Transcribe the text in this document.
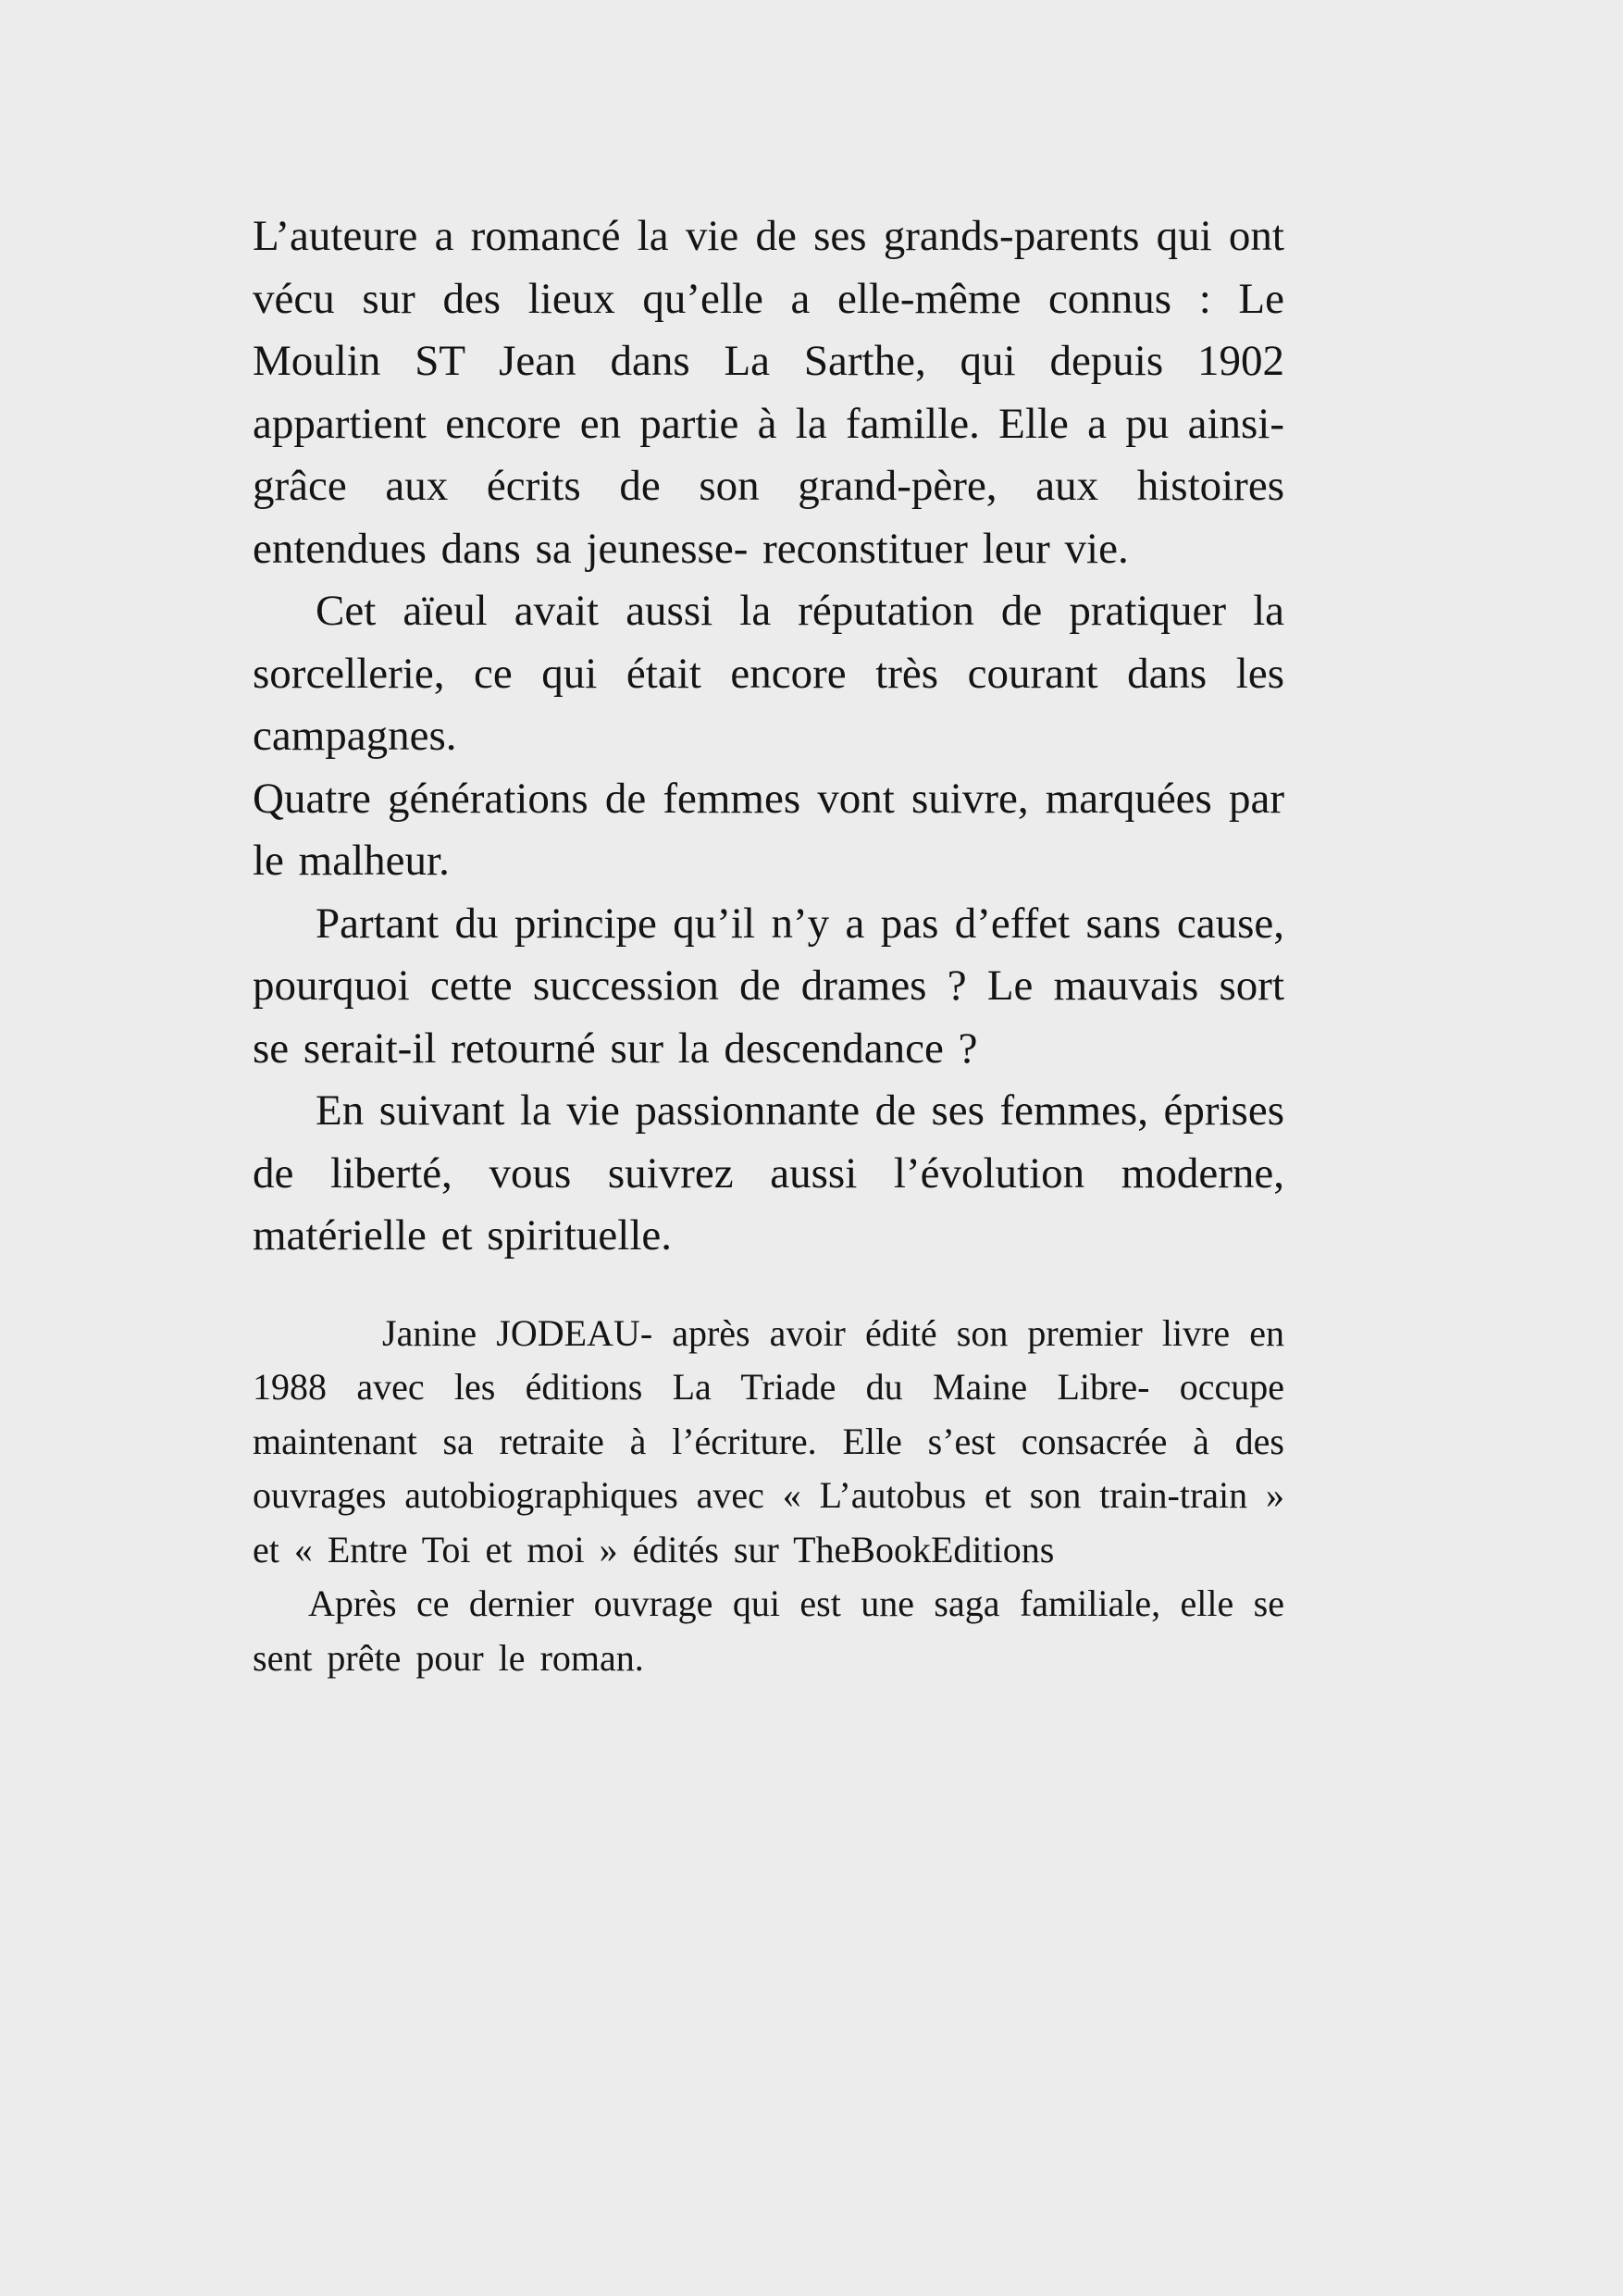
L’auteure a romancé la vie de ses grands-parents qui ont vécu sur des lieux qu’elle a elle-même connus : Le Moulin ST Jean dans La Sarthe, qui depuis 1902 appartient encore en partie à la famille. Elle a pu ainsi- grâce aux écrits de son grand-père, aux histoires entendues dans sa jeunesse- reconstituer leur vie.

Cet aïeul avait aussi la réputation de pratiquer la sorcellerie, ce qui était encore très courant dans les campagnes.

Quatre générations de femmes vont suivre, marquées par le malheur.

Partant du principe qu’il n’y a pas d’effet sans cause, pourquoi cette succession de drames ? Le mauvais sort se serait-il retourné sur la descendance ?

En suivant la vie passionnante de ses femmes, éprises de liberté, vous suivrez aussi l’évolution moderne, matérielle et spirituelle.

Janine JODEAU- après avoir édité son premier livre en 1988 avec les éditions La Triade du Maine Libre- occupe maintenant sa retraite à l’écriture. Elle s’est consacrée à des ouvrages autobiographiques avec « L’autobus et son train-train » et « Entre Toi et moi » édités sur TheBookEditions

Après ce dernier ouvrage qui est une saga familiale, elle se sent prête pour le roman.
